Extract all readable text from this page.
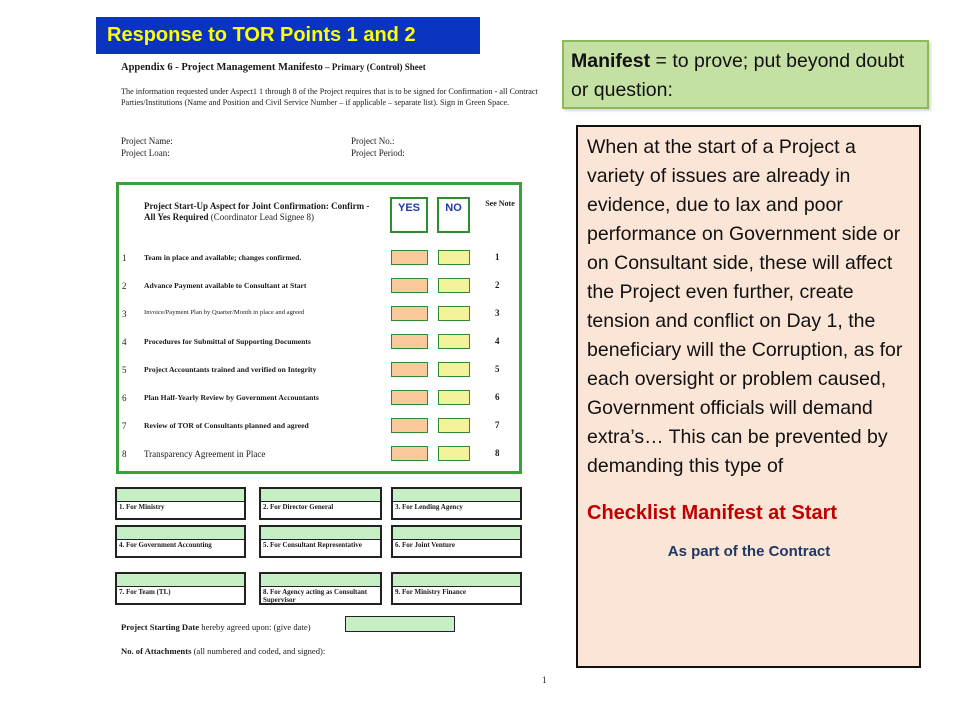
Response to TOR Points 1 and 2
Appendix 6 - Project Management Manifesto – Primary (Control) Sheet
The information requested under Aspect1 1 through 8 of the Project requires that is to be signed for Confirmation - all Contract Parties/Institutions (Name and Position and Civil Service Number – if applicable – separate list). Sign in Green Space.
Project Name:
Project Loan:
Project No.:
Project Period:
Project Start-Up Aspect for Joint Confirmation: Confirm - All Yes Required (Coordinator Lead Signee 8)
YES	NO	See Note
1 Team in place and available; changes confirmed.	1
2 Advance Payment available to Consultant at Start	2
3	Invoice/Payment Plan by Quarter/Month in place and agreed	3
4 Procedures for Submittal of Supporting Documents	4
5 Project Accountants trained and verified on Integrity	5
6 Plan Half-Yearly Review by Government Accountants	6
7 Review of TOR of Consultants planned and agreed	7
8 Transparency Agreement in Place	8
1. For Ministry	2. For Director General	3. For Lending Agency
4. For Government Accounting	5. For Consultant Representative	6. For Joint Venture
7. For Team (TL)	8. For Agency acting as Consultant Supervisor
9. For Ministry Finance
Project Starting Date hereby agreed upon: (give date)
No. of Attachments (all numbered and coded, and signed):
1
Manifest = to prove; put beyond doubt or question:
When at the start of a Project a variety of issues are already in evidence, due to lax and poor performance on Government side or on Consultant side, these will affect the Project even further, create tension and conflict on Day 1, the beneficiary will the Corruption, as for each oversight or problem caused, Government officials will demand extra’s… This can be prevented by demanding this type of
Checklist Manifest at Start
As part of the Contract
